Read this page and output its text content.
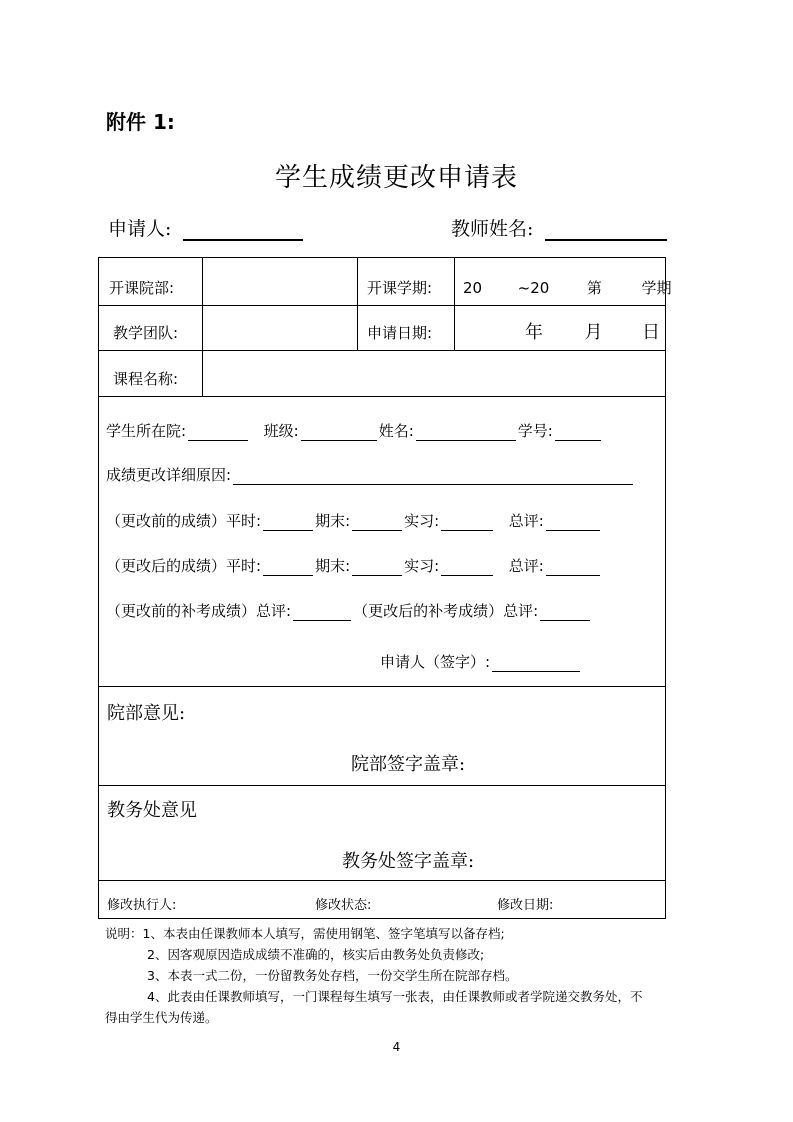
附件 1:
学生成绩更改申请表
申请人:	教师姓名:
开课院部:	开课学期: 20 ~20	第	学期
教学团队:	申请日期:	年 月 日
课程名称:
学生所在院:	班级:	姓名:	学号:
成绩更改详细原因:
（更改前的成绩）平时:	期末:	实习:	总评:
（更改后的成绩）平时:	期末:	实习:	总评:
（更改前的补考成绩）总评:	（更改后的补考成绩）总评:
申请人（签字）:
院部意见:
院部签字盖章:
教务处意见
教务处签字盖章:
修改执行人:	修改状态:	修改日期:
说明：1、本表由任课教师本人填写，需使用钢笔、签字笔填写以备存档;
2、因客观原因造成成绩不准确的，核实后由教务处负责修改;
3、本表一式二份，一份留教务处存档，一份交学生所在院部存档。
4、此表由任课教师填写，一门课程每生填写一张表，由任课教师或者学院递交教务处，不
得由学生代为传递。
4
